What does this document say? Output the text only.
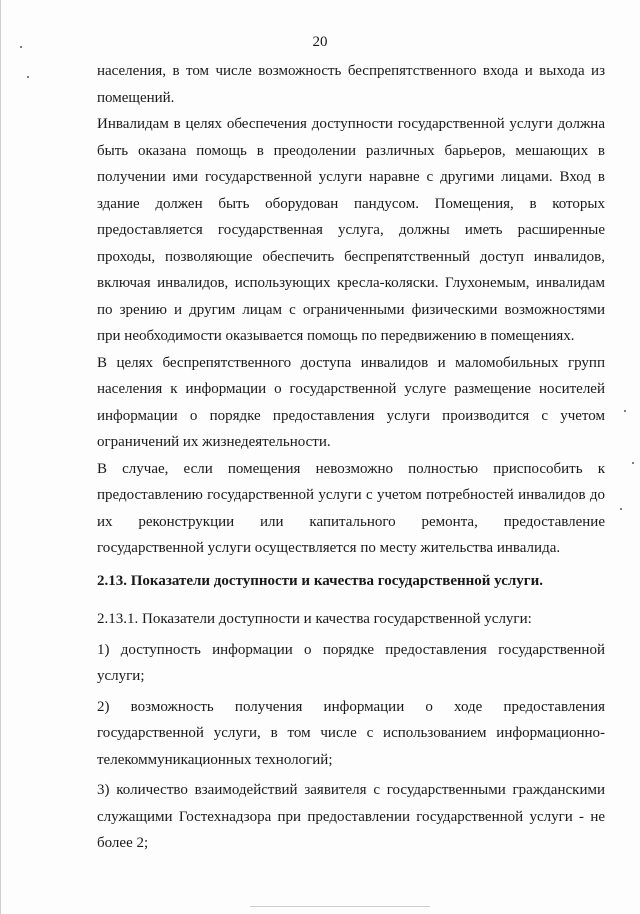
20

населения, в том числе возможность беспрепятственного входа и выхода из помещений.

Инвалидам в целях обеспечения доступности государственной услуги должна быть оказана помощь в преодолении различных барьеров, мешающих в получении ими государственной услуги наравне с другими лицами. Вход в здание должен быть оборудован пандусом. Помещения, в которых предоставляется государственная услуга, должны иметь расширенные проходы, позволяющие обеспечить беспрепятственный доступ инвалидов, включая инвалидов, использующих кресла-коляски. Глухонемым, инвалидам по зрению и другим лицам с ограниченными физическими возможностями при необходимости оказывается помощь по передвижению в помещениях.

В целях беспрепятственного доступа инвалидов и маломобильных групп населения к информации о государственной услуге размещение носителей информации о порядке предоставления услуги производится с учетом ограничений их жизнедеятельности.

В случае, если помещения невозможно полностью приспособить к предоставлению государственной услуги с учетом потребностей инвалидов до их реконструкции или капитального ремонта, предоставление государственной услуги осуществляется по месту жительства инвалида.

2.13. Показатели доступности и качества государственной услуги.

2.13.1. Показатели доступности и качества государственной услуги:

1) доступность информации о порядке предоставления государственной услуги;

2) возможность получения информации о ходе предоставления государственной услуги, в том числе с использованием информационно-телекоммуникационных технологий;

3) количество взаимодействий заявителя с государственными гражданскими служащими Гостехнадзора при предоставлении государственной услуги - не более 2;
